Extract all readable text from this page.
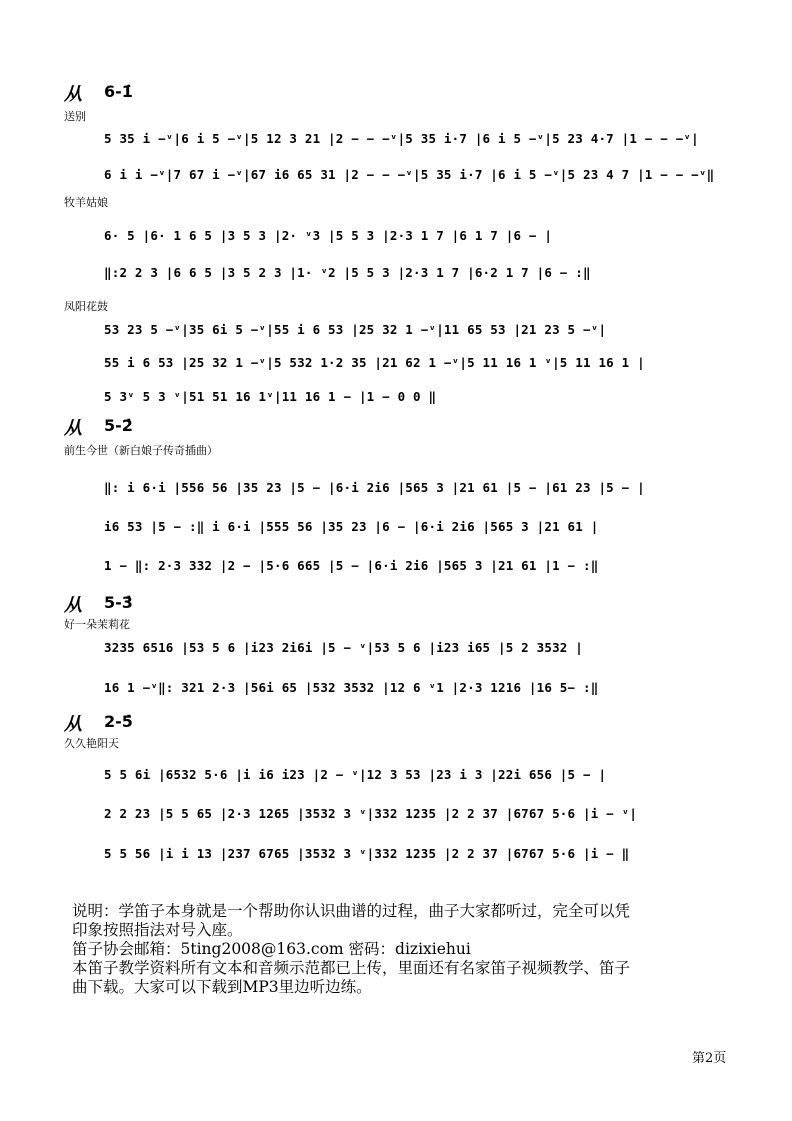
从 6-1̇
送别
5 35 i −ᵛ|6 i 5 −ᵛ|5 12 3 21 |2 − − −ᵛ|5 35 i·7 |6 i 5 −ᵛ|5 23 4·7 |1 − − −ᵛ|
6 i i −ᵛ|7 67 i −ᵛ|67 i6 65 31 |2 − − −ᵛ|5 35 i·7 |6 i 5 −ᵛ|5 23 4 7 |1 − − −ᵛ‖
牧羊姑娘
6· 5 |6· 1 6 5 |3 5 3 |2· ᵛ3 |5 5 3 |2·3 1 7 |6 1 7 |6 − |
‖:2 2 3 |6 6 5 |3 5 2 3 |1· ᵛ2 |5 5 3 |2·3 1 7 |6·2 1 7 |6 − :‖
凤阳花鼓
53 23 5 −ᵛ|35 6i 5 −ᵛ|55 i 6 53 |25 32 1 −ᵛ|11 65 53 |21 23 5 −ᵛ|
55 i 6 53 |25 32 1 −ᵛ|5 532 1·2 35 |21 62 1 −ᵛ|5 11 16 1 ᵛ|5 11 16 1 |
5 3ᵛ 5 3 ᵛ|51 51 16 1ᵛ|11 16 1 − |1 − 0 0 ‖
从 5-2̇
前生今世（新白娘子传奇插曲）
‖: i 6·i |556 56 |35 23 |5 − |6·i 2i6 |565 3 |21 61 |5 − |61 23 |5 − |
i6 53 |5 − :‖ i 6·i |555 56 |35 23 |6 − |6·i 2i6 |565 3 |21 61 |
1 − ‖: 2·3 332 |2 − |5·6 665 |5 − |6·i 2i6 |565 3 |21 61 |1 − :‖
从 5-3̇
好一朵茉莉花
3235 6516 |53 5 6 |i23 2i6i |5 − ᵛ|53 5 6 |i23 i65 |5 2 3532 |
16 1 −ᵛ‖: 321 2·3 |56i 65 |532 3532 |12 6 ᵛ1 |2·3 1216 |16 5− :‖
从 2-5̇
久久艳阳天
5 5 6i |6532 5·6 |i i6 i23 |2 − ᵛ|12 3 53 |23 i 3 |22i 656 |5 − |
2 2 23 |5 5 65 |2·3 1265 |3532 3 ᵛ|332 1235 |2 2 37 |6767 5·6 |i − ᵛ|
5 5 56 |i i 13 |237 6765 |3532 3 ᵛ|332 1235 |2 2 37 |6767 5·6 |i − ‖
说明：学笛子本身就是一个帮助你认识曲谱的过程，曲子大家都听过，完全可以凭
印象按照指法对号入座。
笛子协会邮箱：5ting2008@163.com 密码：dizixiehui
本笛子教学资料所有文本和音频示范都已上传，里面还有名家笛子视频教学、笛子
曲下载。大家可以下载到MP3里边听边练。
第2页
